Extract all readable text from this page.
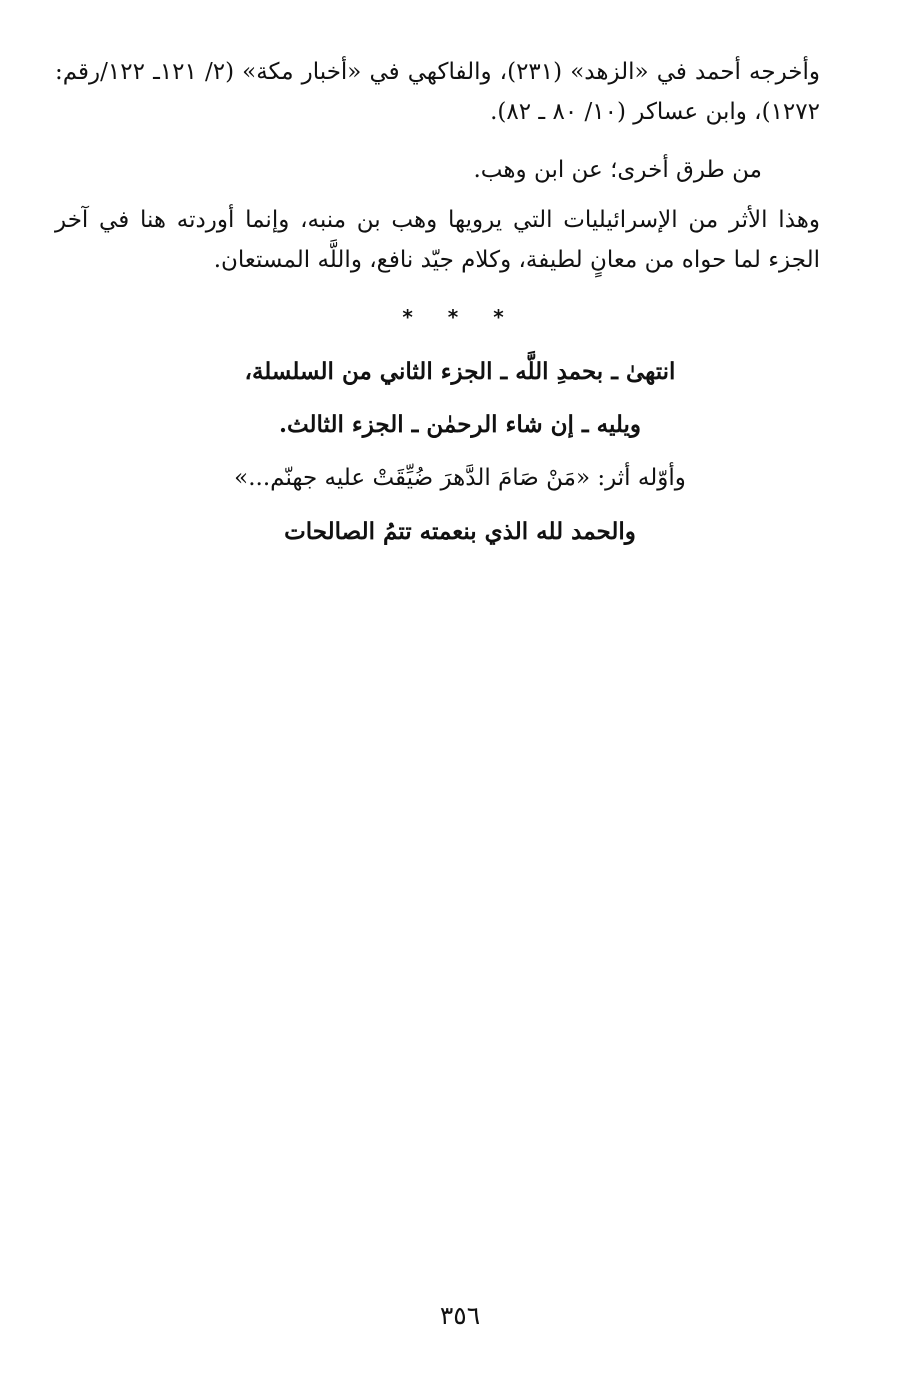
وأخرجه أحمد في «الزهد» (٢٣١)، والفاكهي في «أخبار مكة» (٢/ ١٢١ـ ١٢٢/رقم: ١٢٧٢)، وابن عساكر (١٠/ ٨٠ ـ ٨٢).

من طرق أخرى؛ عن ابن وهب.

وهذا الأثر من الإسرائيليات التي يرويها وهب بن منبه، وإنما أوردته هنا في آخر الجزء لما حواه من معانٍ لطيفة، وكلام جيّد نافع، واللَّه المستعان.

* * *
انتهىٰ ـ بحمدِ اللَّه ـ الجزء الثاني من السلسلة،
ويليه ـ إن شاء الرحمٰن ـ الجزء الثالث.
وأوّله أثر: «مَنْ صَامَ الدَّهرَ ضُيِّقَتْ عليه جهنّم...»
والحمد لله الذي بنعمته تتمُ الصالحات
٣٥٦
